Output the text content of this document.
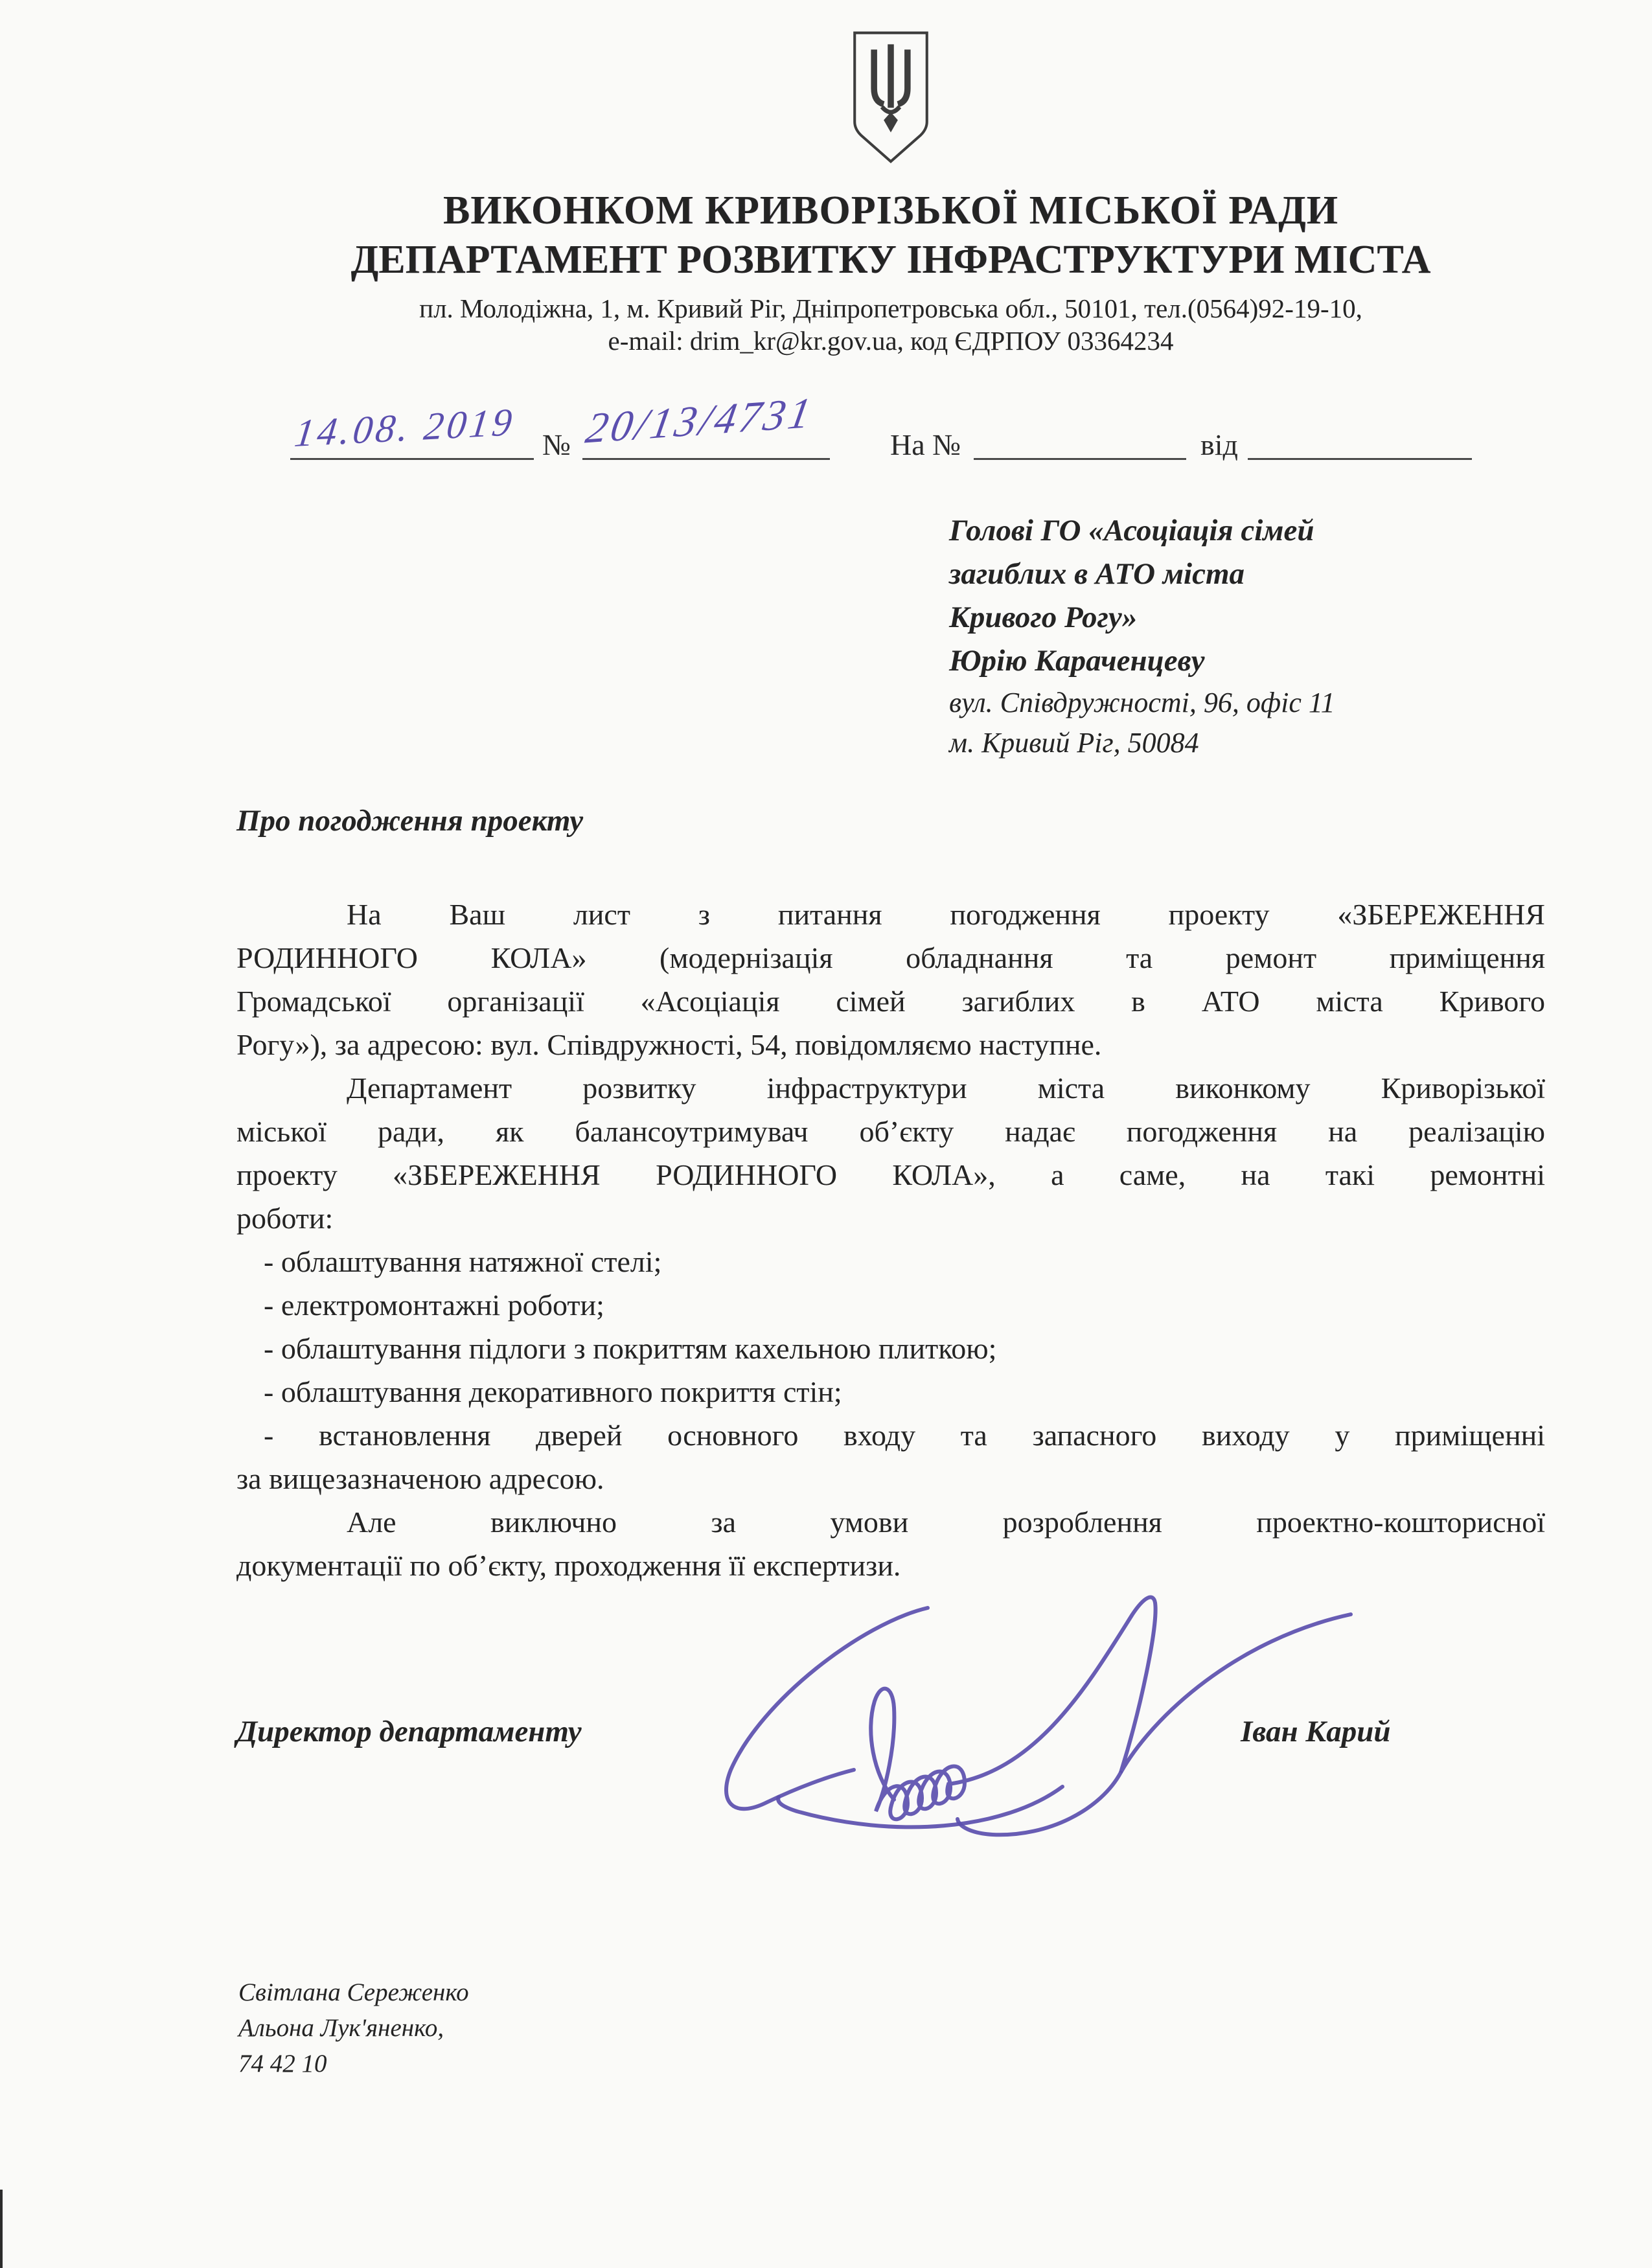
ВИКОНКОМ КРИВОРІЗЬКОЇ МІСЬКОЇ РАДИ
ДЕПАРТАМЕНТ РОЗВИТКУ ІНФРАСТРУКТУРИ МІСТА
пл. Молодіжна, 1, м. Кривий Ріг, Дніпропетровська обл., 50101, тел.(0564)92-19-10,
e-mail: drim_kr@kr.gov.ua, код ЄДРПОУ 03364234
14.08. 2019 № 20/13/4731 На №	від
Голові ГО «Асоціація сімей
загиблих в АТО міста
Кривого Рогу»
Юрію Караченцеву
вул. Співдружності, 96, офіс 11
м. Кривий Ріг, 50084
Про погодження проекту
На Ваш лист з питання погодження проекту «ЗБЕРЕЖЕННЯ
РОДИННОГО КОЛА» (модернізація обладнання та ремонт приміщення
Громадської організації «Асоціація сімей загиблих в АТО міста Кривого
Рогу»), за адресою: вул. Співдружності, 54, повідомляємо наступне.
Департамент розвитку інфраструктури міста виконкому Криворізької
міської ради, як балансоутримувач об’єкту надає погодження на реалізацію
проекту «ЗБЕРЕЖЕННЯ РОДИННОГО КОЛА», а саме, на такі ремонтні
роботи:
- облаштування натяжної стелі;
- електромонтажні роботи;
- облаштування підлоги з покриттям кахельною плиткою;
- облаштування декоративного покриття стін;
- встановлення дверей основного входу та запасного виходу у приміщенні
за вищезазначеною адресою.
Але виключно за умови розроблення проектно-кошторисної
документації по об’єкту, проходження її експертизи.
Директор департаменту	Іван Карий
Світлана Сереженко
Альона Лук'яненко,
74 42 10
